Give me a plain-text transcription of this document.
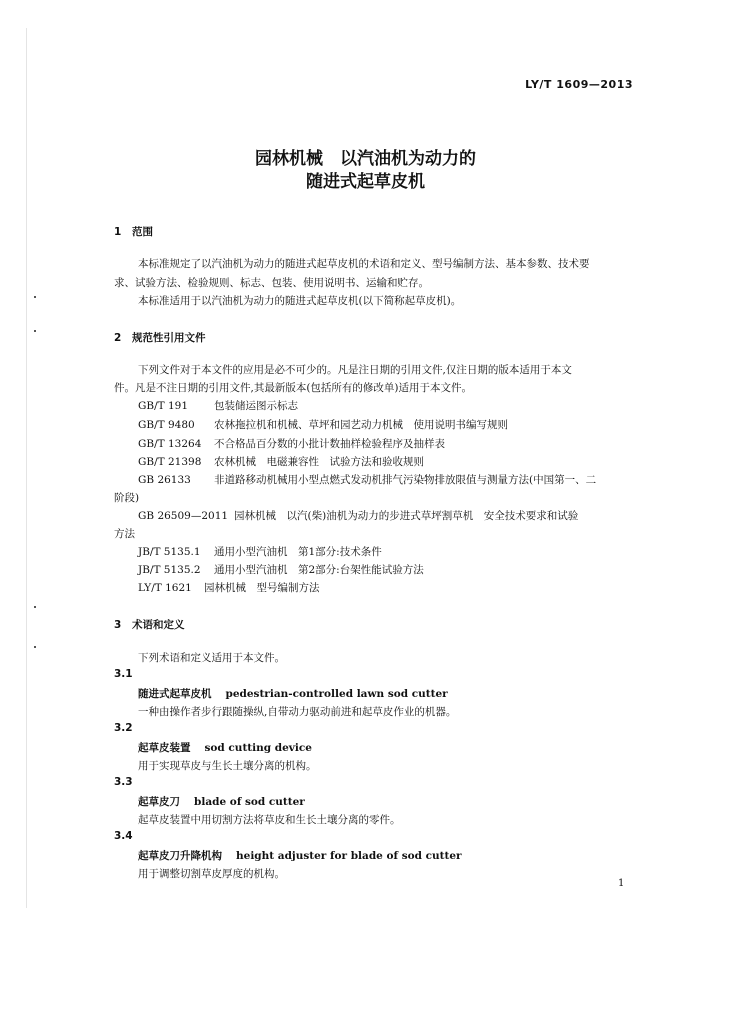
LY/T 1609—2013
园林机械　以汽油机为动力的
随进式起草皮机
1 范围
本标准规定了以汽油机为动力的随进式起草皮机的术语和定义、型号编制方法、基本参数、技术要
求、试验方法、检验规则、标志、包装、使用说明书、运输和贮存。
本标准适用于以汽油机为动力的随进式起草皮机(以下简称起草皮机)。
2 规范性引用文件
下列文件对于本文件的应用是必不可少的。凡是注日期的引用文件,仅注日期的版本适用于本文
件。凡是不注日期的引用文件,其最新版本(包括所有的修改单)适用于本文件。
GB/T 191 包装储运图示标志
GB/T 9480 农林拖拉机和机械、草坪和园艺动力机械　使用说明书编写规则
GB/T 13264 不合格品百分数的小批计数抽样检验程序及抽样表
GB/T 21398 农林机械　电磁兼容性　试验方法和验收规则
GB 26133 非道路移动机械用小型点燃式发动机排气污染物排放限值与测量方法(中国第一、二
阶段)
GB 26509—2011 园林机械　以汽(柴)油机为动力的步进式草坪割草机　安全技术要求和试验
方法
JB/T 5135.1 通用小型汽油机　第1部分:技术条件
JB/T 5135.2 通用小型汽油机　第2部分:台架性能试验方法
LY/T 1621 园林机械　型号编制方法
3 术语和定义
下列术语和定义适用于本文件。
3.1
随进式起草皮机 pedestrian-controlled lawn sod cutter
一种由操作者步行跟随操纵,自带动力驱动前进和起草皮作业的机器。
3.2
起草皮装置 sod cutting device
用于实现草皮与生长土壤分离的机构。
3.3
起草皮刀 blade of sod cutter
起草皮装置中用切割方法将草皮和生长土壤分离的零件。
3.4
起草皮刀升降机构 height adjuster for blade of sod cutter
用于调整切割草皮厚度的机构。
1
